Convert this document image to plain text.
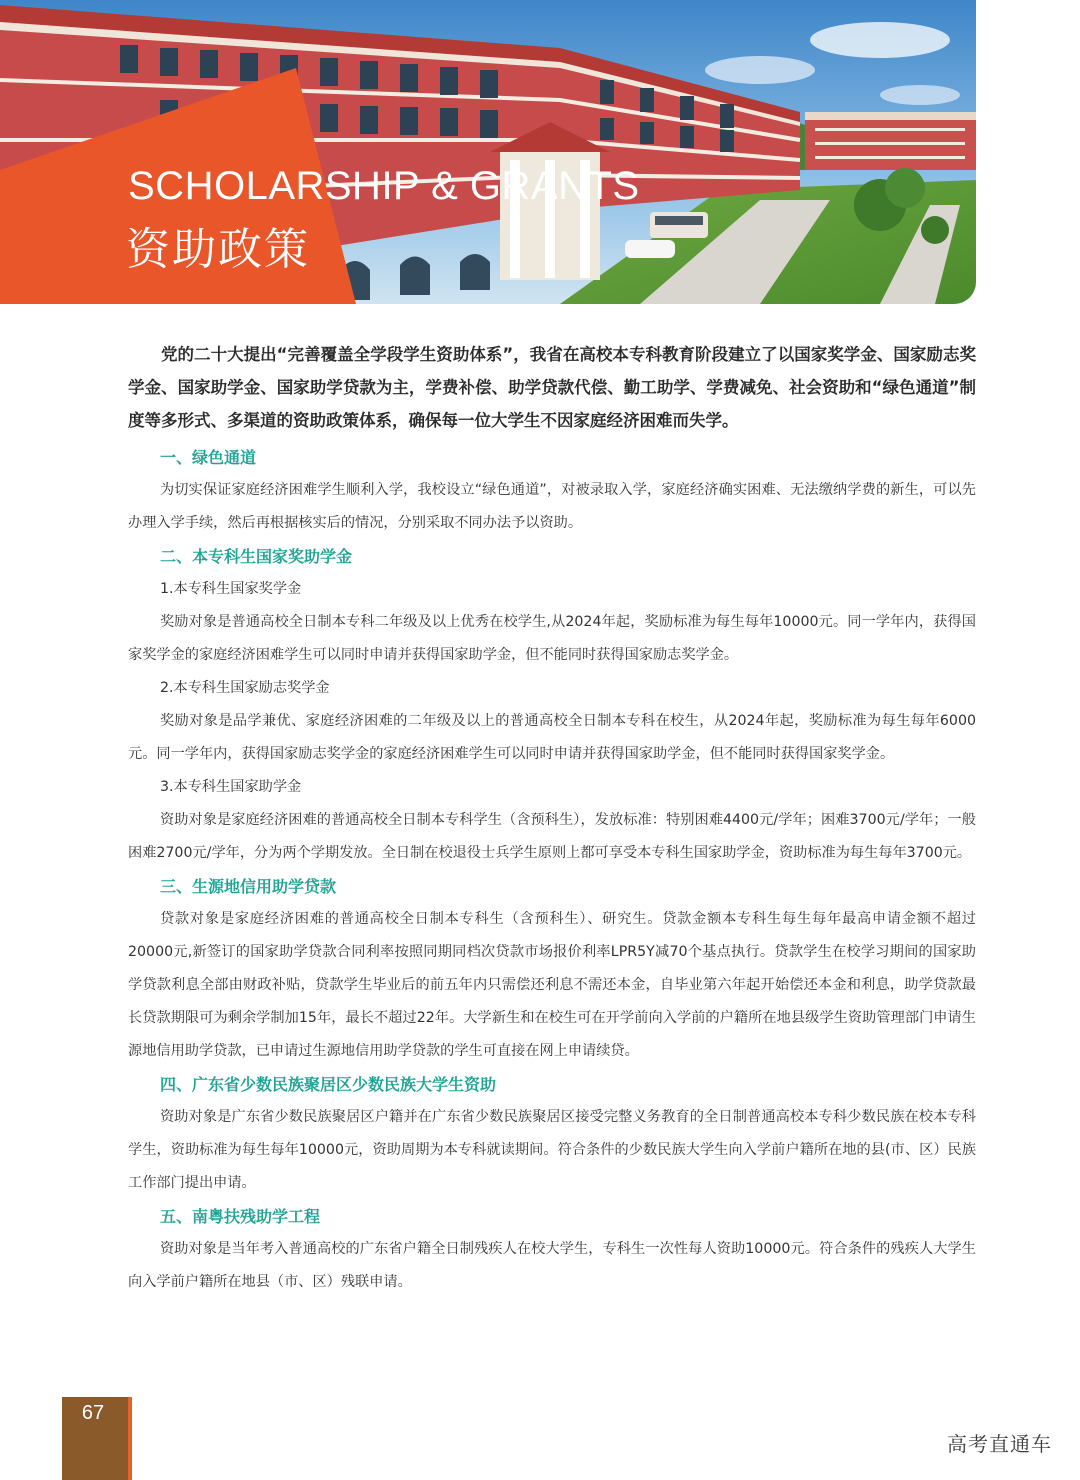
SCHOLARSHIP & GRANTS
资助政策

党的二十大提出“完善覆盖全学段学生资助体系”，我省在高校本专科教育阶段建立了以国家奖学金、国家励志奖学金、国家助学金、国家助学贷款为主，学费补偿、助学贷款代偿、勤工助学、学费减免、社会资助和“绿色通道”制度等多形式、多渠道的资助政策体系，确保每一位大学生不因家庭经济困难而失学。

一、绿色通道

为切实保证家庭经济困难学生顺利入学，我校设立“绿色通道”，对被录取入学，家庭经济确实困难、无法缴纳学费的新生，可以先办理入学手续，然后再根据核实后的情况，分别采取不同办法予以资助。

二、本专科生国家奖助学金
1.本专科生国家奖学金

奖励对象是普通高校全日制本专科二年级及以上优秀在校学生,从2024年起，奖励标准为每生每年10000元。同一学年内，获得国家奖学金的家庭经济困难学生可以同时申请并获得国家助学金，但不能同时获得国家励志奖学金。

2.本专科生国家励志奖学金

奖励对象是品学兼优、家庭经济困难的二年级及以上的普通高校全日制本专科在校生，从2024年起，奖励标准为每生每年6000元。同一学年内，获得国家励志奖学金的家庭经济困难学生可以同时申请并获得国家助学金，但不能同时获得国家奖学金。

3.本专科生国家助学金

资助对象是家庭经济困难的普通高校全日制本专科学生（含预科生），发放标准：特别困难4400元/学年；困难3700元/学年；一般困难2700元/学年，分为两个学期发放。全日制在校退役士兵学生原则上都可享受本专科生国家助学金，资助标准为每生每年3700元。

三、生源地信用助学贷款

贷款对象是家庭经济困难的普通高校全日制本专科生（含预科生）、研究生。贷款金额本专科生每生每年最高申请金额不超过20000元,新签订的国家助学贷款合同利率按照同期同档次贷款市场报价利率LPR5Y减70个基点执行。贷款学生在校学习期间的国家助学贷款利息全部由财政补贴，贷款学生毕业后的前五年内只需偿还利息不需还本金，自毕业第六年起开始偿还本金和利息，助学贷款最长贷款期限可为剩余学制加15年，最长不超过22年。大学新生和在校生可在开学前向入学前的户籍所在地县级学生资助管理部门申请生源地信用助学贷款，已申请过生源地信用助学贷款的学生可直接在网上申请续贷。

四、广东省少数民族聚居区少数民族大学生资助

资助对象是广东省少数民族聚居区户籍并在广东省少数民族聚居区接受完整义务教育的全日制普通高校本专科少数民族在校本专科学生，资助标准为每生每年10000元，资助周期为本专科就读期间。符合条件的少数民族大学生向入学前户籍所在地的县(市、区）民族工作部门提出申请。

五、南粤扶残助学工程

资助对象是当年考入普通高校的广东省户籍全日制残疾人在校大学生，专科生一次性每人资助10000元。符合条件的残疾人大学生向入学前户籍所在地县（市、区）残联申请。

67
高考直通车
